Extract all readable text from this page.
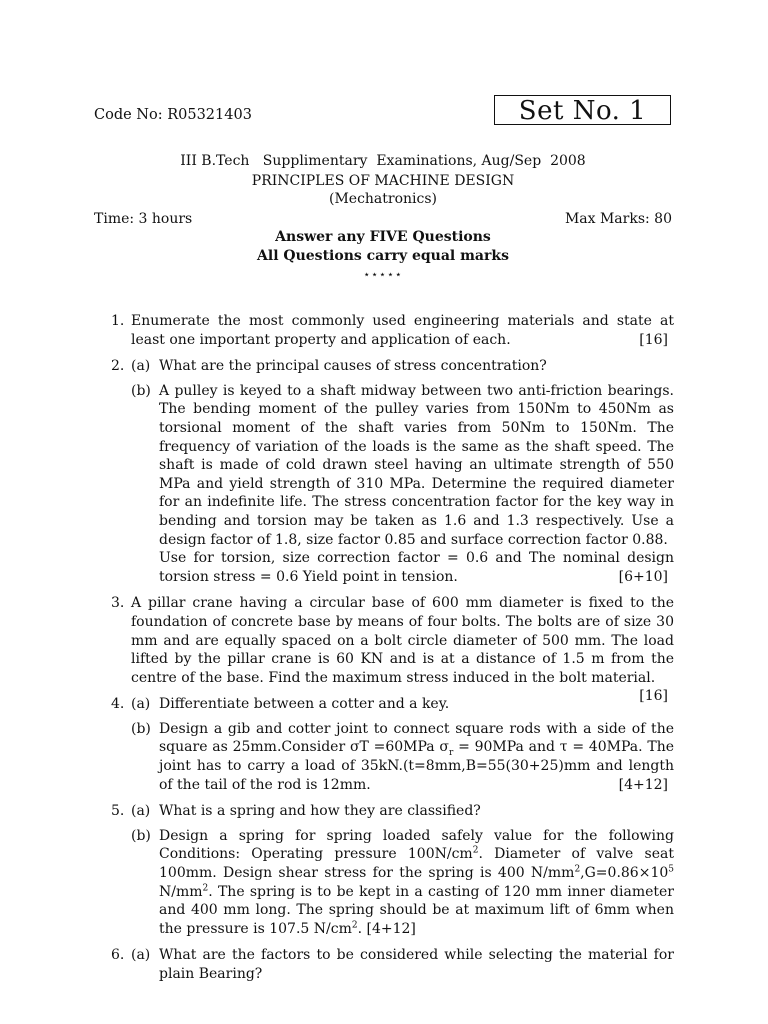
Code No: R05321403	Set No. 1
III B.Tech   Supplimentary  Examinations, Aug/Sep  2008
PRINCIPLES OF MACHINE DESIGN
(Mechatronics)
Time: 3 hours	Max Marks: 80
Answer any FIVE Questions
All Questions carry equal marks
⋆⋆⋆⋆⋆
1. Enumerate the most commonly used engineering materials and state at least one important property and application of each.	[16]
2. (a) What are the principal causes of stress concentration?
(b) A pulley is keyed to a shaft midway between two anti-friction bearings. The bending moment of the pulley varies from 150Nm to 450Nm as torsional moment of the shaft varies from 50Nm to 150Nm. The frequency of variation of the loads is the same as the shaft speed. The shaft is made of cold drawn steel having an ultimate strength of 550 MPa and yield strength of 310 MPa. Determine the required diameter for an indefinite life. The stress concentration factor for the key way in bending and torsion may be taken as 1.6 and 1.3 respectively. Use a design factor of 1.8, size factor 0.85 and surface correction factor 0.88.
Use for torsion, size correction factor = 0.6 and The nominal design torsion stress = 0.6 Yield point in tension.	[6+10]
3. A pillar crane having a circular base of 600 mm diameter is fixed to the foundation of concrete base by means of four bolts. The bolts are of size 30 mm and are equally spaced on a bolt circle diameter of 500 mm. The load lifted by the pillar crane is 60 KN and is at a distance of 1.5 m from the centre of the base. Find the maximum stress induced in the bolt material.
[16]
4. (a) Differentiate between a cotter and a key.
(b) Design a gib and cotter joint to connect square rods with a side of the square as 25mm.Consider σT =60MPa $\sigma_r = 90MPa$ and τ = 40MPa. The joint has to carry a load of 35kN.(t=8mm,B=55(30+25)mm and length of the tail of the rod is 12mm.	[4+12]
5. (a) What is a spring and how they are classified?
(b) Design a spring for spring loaded safely value for the following Conditions: Operating pressure $100N/cm^2$. Diameter of valve seat 100mm. Design shear stress for the spring is 400 $N/mm^2,G=0.86\times 10^5$ $N/mm^2$. The spring is to be kept in a casting of 120 mm inner diameter and 400 mm long. The spring should be at maximum lift of 6mm when the pressure is 107.5 $N/cm^2$. [4+12]
6. (a) What are the factors to be considered while selecting the material for plain Bearing?
